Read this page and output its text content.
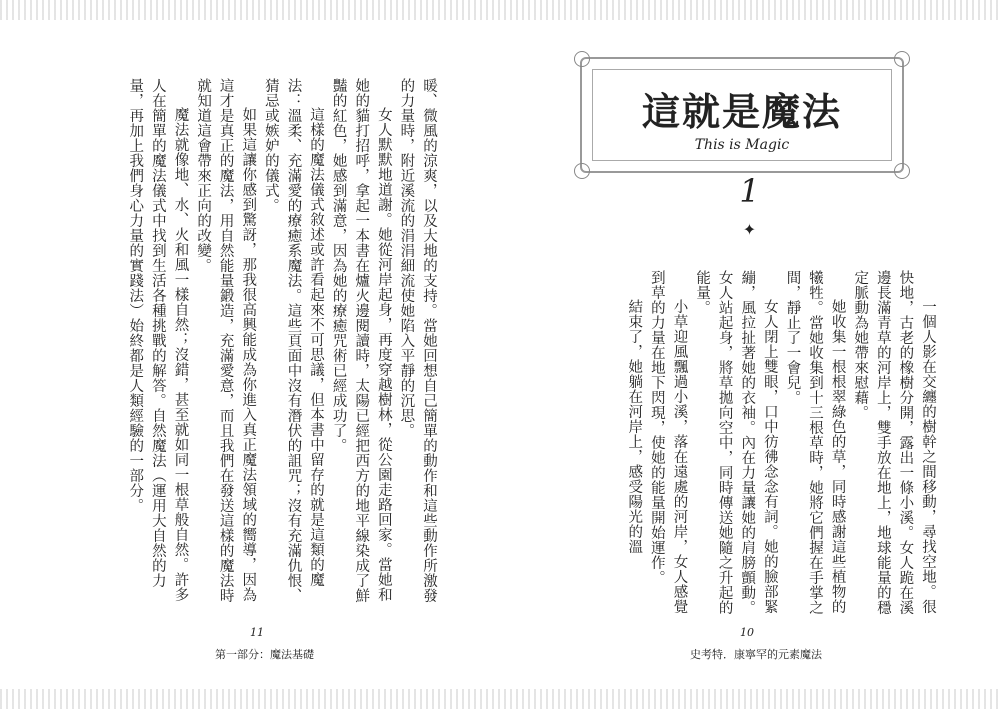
這就是魔法
This is Magic
1
✦

一個人影在交纏的樹幹之間移動，尋找空地。很快地，古老的橡樹分開，露出一條小溪。女人跪在溪邊長滿青草的河岸上，雙手放在地上，地球能量的穩定脈動為她帶來慰藉。

她收集一根根翠綠色的草，同時感謝這些植物的犧牲。當她收集到十三根草時，她將它們握在手掌之間，靜止了一會兒。

女人閉上雙眼，口中彷彿念念有詞。她的臉部緊繃，風拉扯著她的衣袖。內在力量讓她的肩膀顫動。女人站起身，將草拋向空中，同時傳送她隨之升起的能量。

小草迎風飄過小溪，落在遠處的河岸，女人感覺到草的力量在地下閃現，使她的能量開始運作。

結束了，她躺在河岸上，感受陽光的溫

10
史考特．康寧罕的元素魔法

暖、微風的涼爽，以及大地的支持。當她回想自己簡單的動作和這些動作所激發的力量時，附近溪流的涓涓細流使她陷入平靜的沉思。

女人默默地道謝。她從河岸起身，再度穿越樹林，從公園走路回家。當她和她的貓打招呼，拿起一本書在爐火邊閱讀時，太陽已經把西方的地平線染成了鮮豔的紅色，她感到滿意，因為她的療癒咒術已經成功了。

這樣的魔法儀式敘述或許看起來不可思議，但本書中留存的就是這類的魔法：溫柔、充滿愛的療癒系魔法。這些頁面中沒有潛伏的詛咒；沒有充滿仇恨、猜忌或嫉妒的儀式。

如果這讓你感到驚訝，那我很高興能成為你進入真正魔法領域的嚮導，因為這才是真正的魔法，用自然能量鍛造，充滿愛意，而且我們在發送這樣的魔法時就知道這會帶來正向的改變。

魔法就像地、水、火和風一樣自然；沒錯，甚至就如同一根草般自然。許多人在簡單的魔法儀式中找到生活各種挑戰的解答。自然魔法（運用大自然的力量，再加上我們身心力量的實踐法）始終都是人類經驗的一部分。

11
第一部分：魔法基礎
